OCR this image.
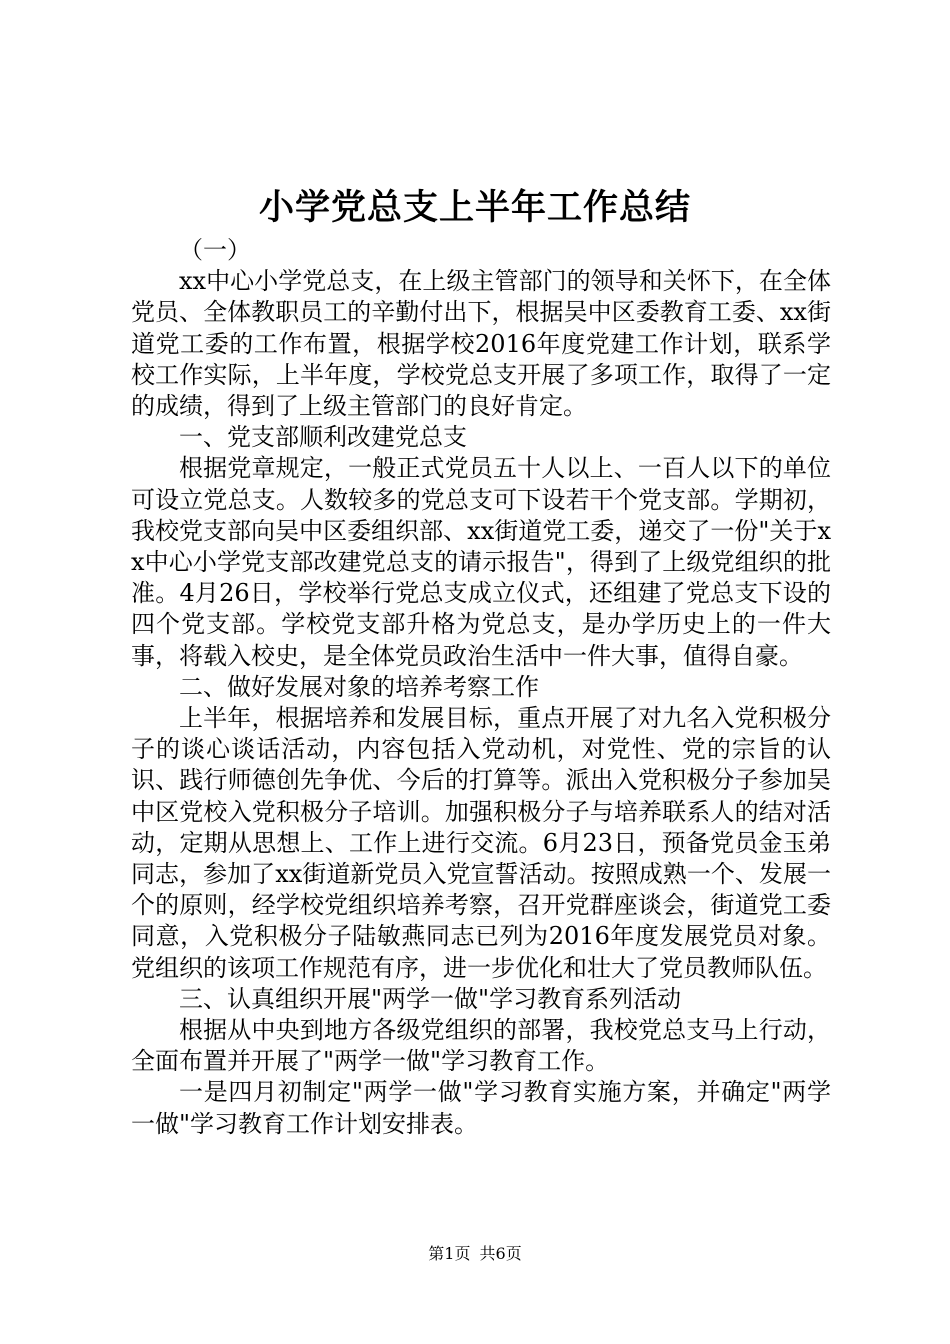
小学党总支上半年工作总结

（一）

xx中心小学党总支，在上级主管部门的领导和关怀下，在全体党员、全体教职员工的辛勤付出下，根据吴中区委教育工委、xx街道党工委的工作布置，根据学校2016年度党建工作计划，联系学校工作实际，上半年度，学校党总支开展了多项工作，取得了一定的成绩，得到了上级主管部门的良好肯定。

一、党支部顺利改建党总支

根据党章规定，一般正式党员五十人以上、一百人以下的单位可设立党总支。人数较多的党总支可下设若干个党支部。学期初，我校党支部向吴中区委组织部、xx街道党工委，递交了一份"关于xx中心小学党支部改建党总支的请示报告"，得到了上级党组织的批准。4月26日，学校举行党总支成立仪式，还组建了党总支下设的四个党支部。学校党支部升格为党总支，是办学历史上的一件大事，将载入校史，是全体党员政治生活中一件大事，值得自豪。

二、做好发展对象的培养考察工作

上半年，根据培养和发展目标，重点开展了对九名入党积极分子的谈心谈话活动，内容包括入党动机，对党性、党的宗旨的认识、践行师德创先争优、今后的打算等。派出入党积极分子参加吴中区党校入党积极分子培训。加强积极分子与培养联系人的结对活动，定期从思想上、工作上进行交流。6月23日，预备党员金玉弟同志，参加了xx街道新党员入党宣誓活动。按照成熟一个、发展一个的原则，经学校党组织培养考察，召开党群座谈会，街道党工委同意，入党积极分子陆敏燕同志已列为2016年度发展党员对象。党组织的该项工作规范有序，进一步优化和壮大了党员教师队伍。

三、认真组织开展"两学一做"学习教育系列活动

根据从中央到地方各级党组织的部署，我校党总支马上行动，全面布置并开展了"两学一做"学习教育工作。

一是四月初制定"两学一做"学习教育实施方案，并确定"两学一做"学习教育工作计划安排表。

第1页 共6页
